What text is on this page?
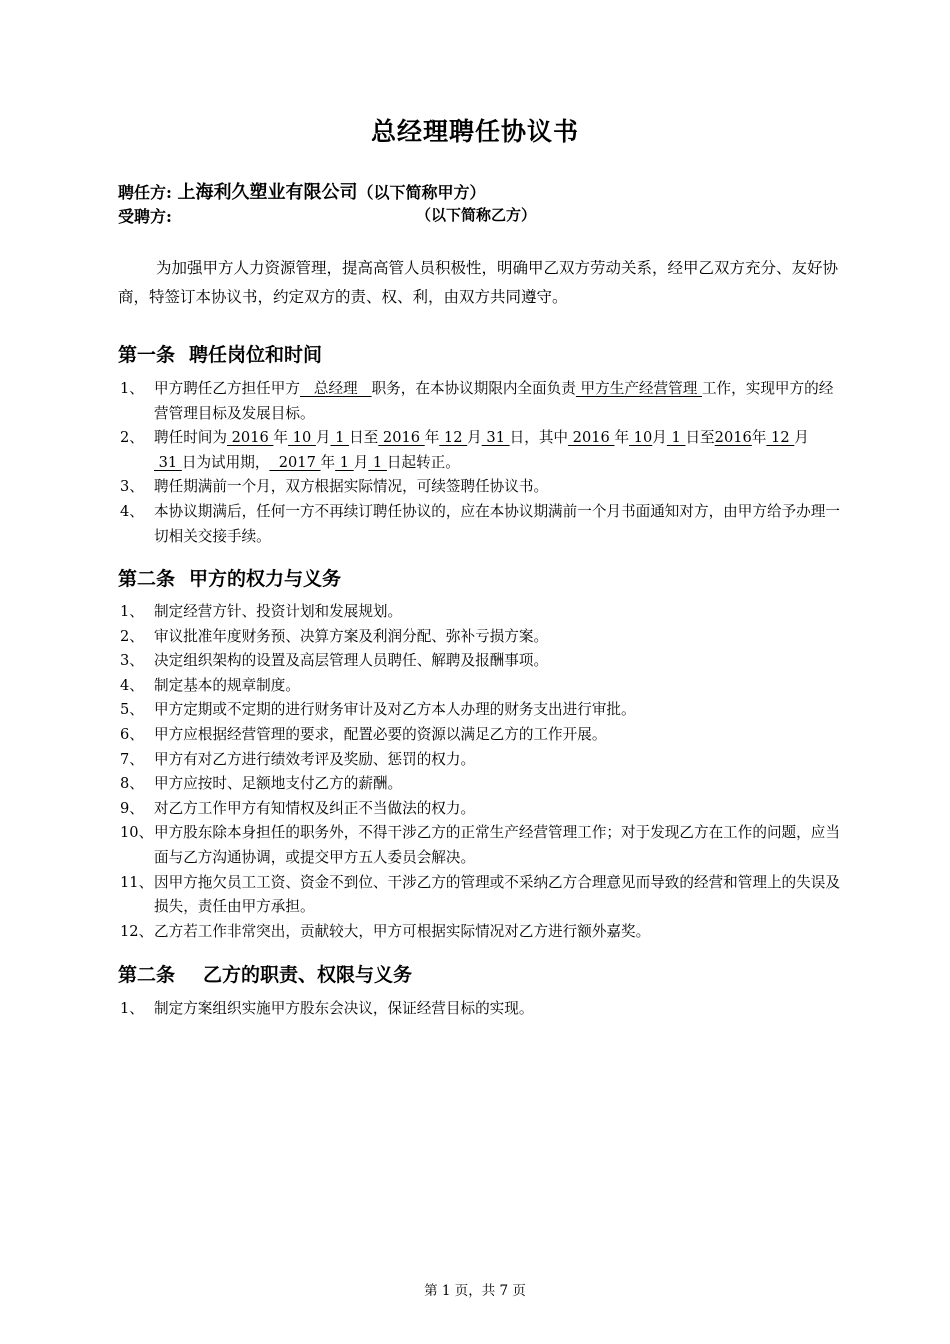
总经理聘任协议书
聘任方: 上海利久塑业有限公司（以下简称甲方）
受聘方:	（以下简称乙方）
为加强甲方人力资源管理，提高高管人员积极性，明确甲乙双方劳动关系，经甲乙双方充分、友好协商，特签订本协议书，约定双方的责、权、利，由双方共同遵守。
第一条 聘任岗位和时间
1、 甲方聘任乙方担任甲方   总经理   职务，在本协议期限内全面负责 甲方生产经营管理 工作，实现甲方的经营管理目标及发展目标。
2、 聘任时间为 2016 年 10 月 1 日至 2016 年 12 月 31 日，其中 2016 年 10月 1 日至2016年 12 月 31 日为试用期，  2017 年 1 月 1 日起转正。
3、 聘任期满前一个月，双方根据实际情况，可续签聘任协议书。
4、 本协议期满后，任何一方不再续订聘任协议的，应在本协议期满前一个月书面通知对方，由甲方给予办理一切相关交接手续。
第二条 甲方的权力与义务
1、 制定经营方针、投资计划和发展规划。
2、 审议批准年度财务预、决算方案及利润分配、弥补亏损方案。
3、 决定组织架构的设置及高层管理人员聘任、解聘及报酬事项。
4、 制定基本的规章制度。
5、 甲方定期或不定期的进行财务审计及对乙方本人办理的财务支出进行审批。
6、 甲方应根据经营管理的要求，配置必要的资源以满足乙方的工作开展。
7、 甲方有对乙方进行绩效考评及奖励、惩罚的权力。
8、 甲方应按时、足额地支付乙方的薪酬。
9、 对乙方工作甲方有知情权及纠正不当做法的权力。
10、 甲方股东除本身担任的职务外，不得干涉乙方的正常生产经营管理工作；对于发现乙方在工作的问题，应当面与乙方沟通协调，或提交甲方五人委员会解决。
11、 因甲方拖欠员工工资、资金不到位、干涉乙方的管理或不采纳乙方合理意见而导致的经营和管理上的失误及损失，责任由甲方承担。
12、 乙方若工作非常突出，贡献较大，甲方可根据实际情况对乙方进行额外嘉奖。
第二条 乙方的职责、权限与义务
1、 制定方案组织实施甲方股东会决议，保证经营目标的实现。
第 1 页，共 7 页
